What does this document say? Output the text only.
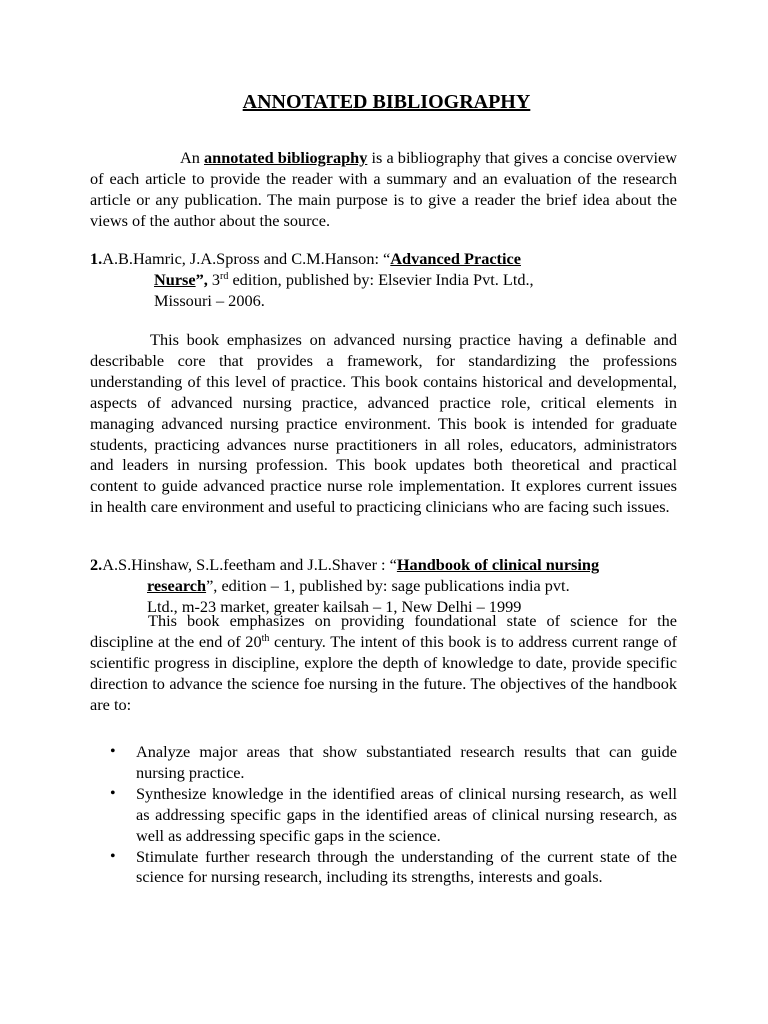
ANNOTATED BIBLIOGRAPHY

An annotated bibliography is a bibliography that gives a concise overview of each article to provide the reader with a summary and an evaluation of the research article or any publication. The main purpose is to give a reader the brief idea about the views of the author about the source.

1.A.B.Hamric, J.A.Spross and C.M.Hanson: “Advanced Practice
Nurse”, 3rd edition, published by: Elsevier India Pvt. Ltd.,
Missouri – 2006.

This book emphasizes on advanced nursing practice having a definable and describable core that provides a framework, for standardizing the professions understanding of this level of practice. This book contains historical and developmental, aspects of advanced nursing practice, advanced practice role, critical elements in managing advanced nursing practice environment. This book is intended for graduate students, practicing advances nurse practitioners in all roles, educators, administrators and leaders in nursing profession. This book updates both theoretical and practical content to guide advanced practice nurse role implementation. It explores current issues in health care environment and useful to practicing clinicians who are facing such issues.

2.A.S.Hinshaw, S.L.feetham and J.L.Shaver : “Handbook of clinical nursing
research”, edition – 1, published by: sage publications india pvt.
Ltd., m-23 market, greater kailsah – 1, New Delhi – 1999

This book emphasizes on providing foundational state of science for the discipline at the end of 20th century. The intent of this book is to address current range of scientific progress in discipline, explore the depth of knowledge to date, provide specific direction to advance the science foe nursing in the future. The objectives of the handbook are to:

• Analyze major areas that show substantiated research results that can guide nursing practice.
• Synthesize knowledge in the identified areas of clinical nursing research, as well as addressing specific gaps in the identified areas of clinical nursing research, as well as addressing specific gaps in the science.
• Stimulate further research through the understanding of the current state of the science for nursing research, including its strengths, interests and goals.
